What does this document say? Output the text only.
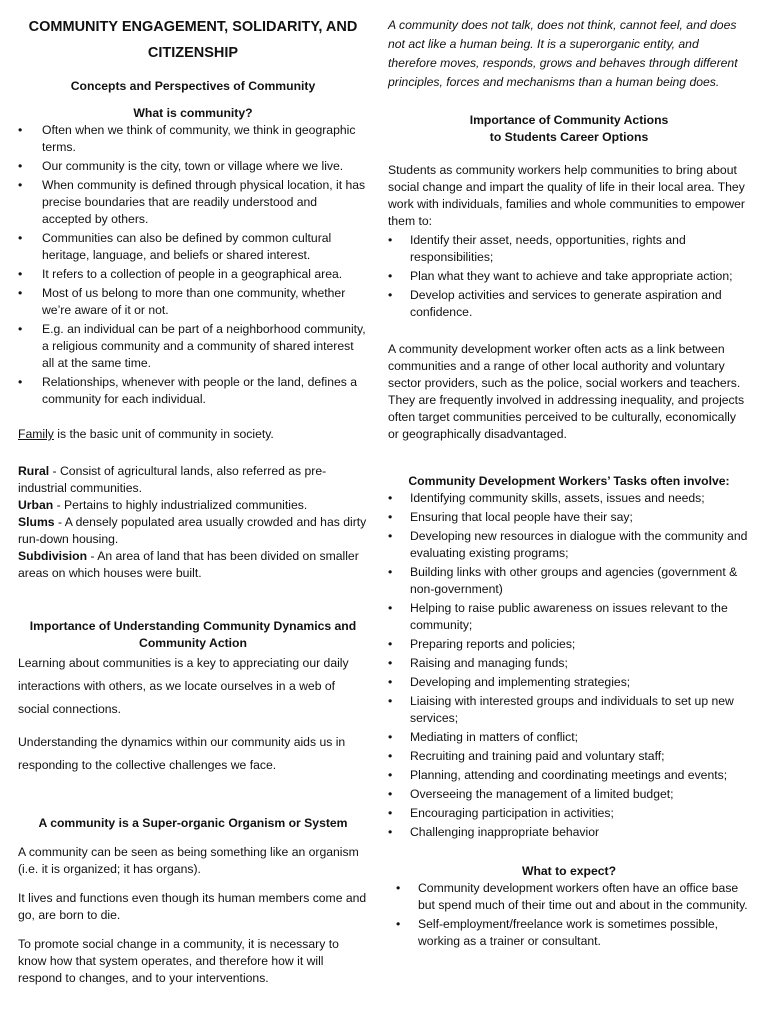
COMMUNITY ENGAGEMENT, SOLIDARITY, AND CITIZENSHIP

Concepts and Perspectives of Community

What is community?

• Often when we think of community, we think in geographic terms.
• Our community is the city, town or village where we live.
• When community is defined through physical location, it has precise boundaries that are readily understood and accepted by others.
• Communities can also be defined by common cultural heritage, language, and beliefs or shared interest.
• It refers to a collection of people in a geographical area.
• Most of us belong to more than one community, whether we’re aware of it or not.
• E.g. an individual can be part of a neighborhood community, a religious community and a community of shared interest all at the same time.
• Relationships, whenever with people or the land, defines a community for each individual.

Family is the basic unit of community in society.

Rural - Consist of agricultural lands, also referred as pre-industrial communities.

Urban - Pertains to highly industrialized communities.

Slums - A densely populated area usually crowded and has dirty run-down housing.

Subdivision - An area of land that has been divided on smaller areas on which houses were built.

Importance of Understanding Community Dynamics and Community Action

Learning about communities is a key to appreciating our daily interactions with others, as we locate ourselves in a web of social connections.

Understanding the dynamics within our community aids us in responding to the collective challenges we face.

A community is a Super-organic Organism or System

A community can be seen as being something like an organism (i.e. it is organized; it has organs).

It lives and functions even though its human members come and go, are born to die.

To promote social change in a community, it is necessary to know how that system operates, and therefore how it will respond to changes, and to your interventions.

A community does not talk, does not think, cannot feel, and does not act like a human being. It is a superorganic entity, and therefore moves, responds, grows and behaves through different principles, forces and mechanisms than a human being does.

Importance of Community Actions

to Students Career Options

Students as community workers help communities to bring about social change and impart the quality of life in their local area. They work with individuals, families and whole communities to empower them to:

• Identify their asset, needs, opportunities, rights and responsibilities;
• Plan what they want to achieve and take appropriate action;
• Develop activities and services to generate aspiration and confidence.

A community development worker often acts as a link between communities and a range of other local authority and voluntary sector providers, such as the police, social workers and teachers. They are frequently involved in addressing inequality, and projects often target communities perceived to be culturally, economically or geographically disadvantaged.

Community Development Workers’ Tasks often involve:

• Identifying community skills, assets, issues and needs;
• Ensuring that local people have their say;
• Developing new resources in dialogue with the community and evaluating existing programs;
• Building links with other groups and agencies (government & non-government)
• Helping to raise public awareness on issues relevant to the community;
• Preparing reports and policies;
• Raising and managing funds;
• Developing and implementing strategies;
• Liaising with interested groups and individuals to set up new services;
• Mediating in matters of conflict;
• Recruiting and training paid and voluntary staff;
• Planning, attending and coordinating meetings and events;
• Overseeing the management of a limited budget;
• Encouraging participation in activities;
• Challenging inappropriate behavior

What to expect?

• Community development workers often have an office base but spend much of their time out and about in the community.
• Self-employment/freelance work is sometimes possible, working as a trainer or consultant.
